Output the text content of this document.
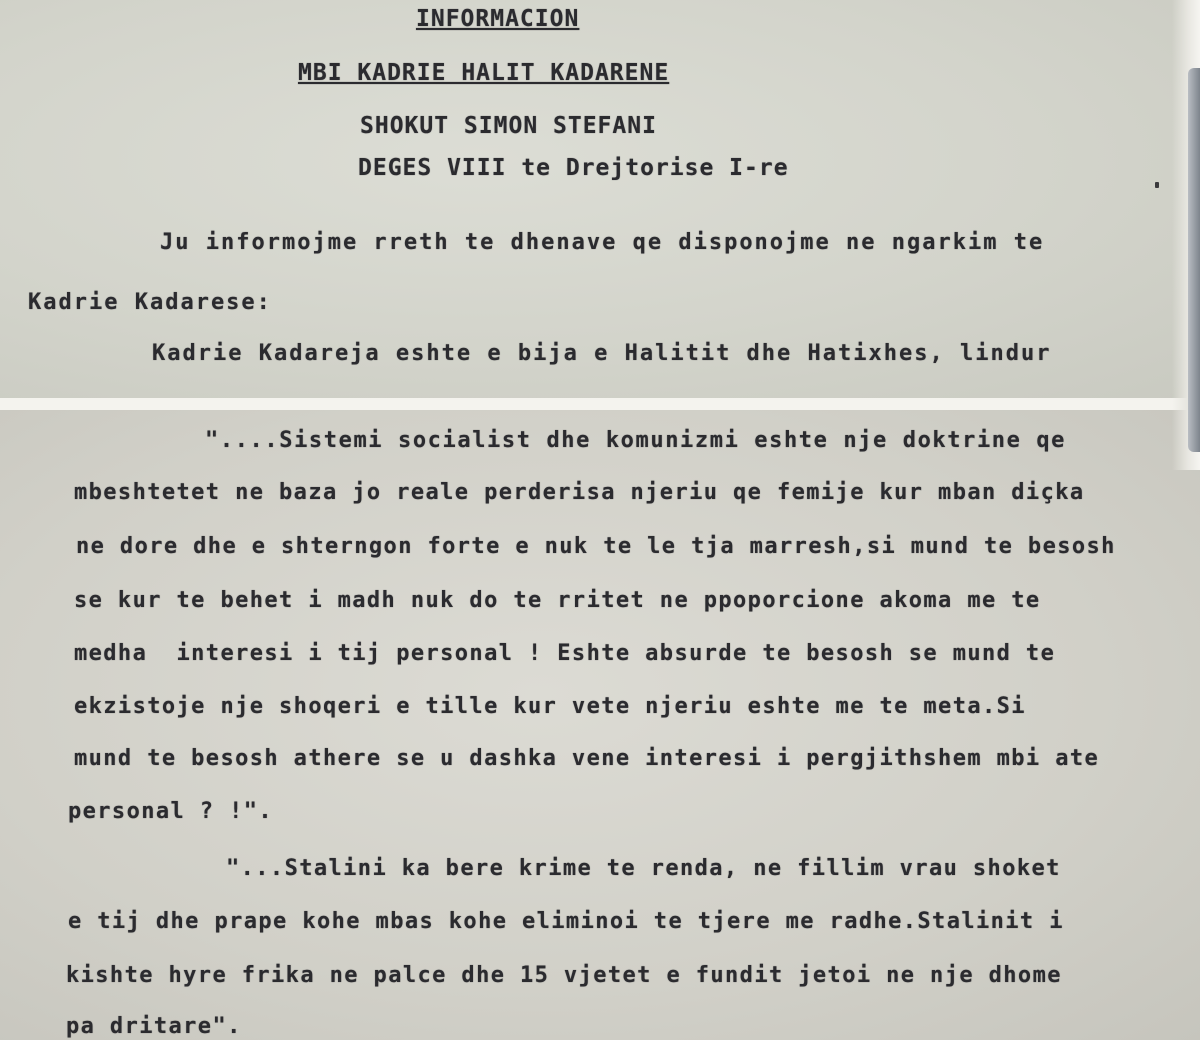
INFORMACION
MBI KADRIE HALIT KADARENE
SHOKUT SIMON STEFANI
DEGES VIII te Drejtorise I-re
Ju informojme rreth te dhenave qe disponojme ne ngarkim te
Kadrie Kadarese:
Kadrie Kadareja eshte e bija e Halitit dhe Hatixhes, lindur
"....Sistemi socialist dhe komunizmi eshte nje doktrine qe
mbeshtetet ne baza jo reale perderisa njeriu qe femije kur mban diçka
ne dore dhe e shterngon forte e nuk te le tja marresh,si mund te besosh
se kur te behet i madh nuk do te rritet ne ppoporcione akoma me te
medha  interesi i tij personal ! Eshte absurde te besosh se mund te
ekzistoje nje shoqeri e tille kur vete njeriu eshte me te meta.Si
mund te besosh athere se u dashka vene interesi i pergjithshem mbi ate
personal ? !".
"...Stalini ka bere krime te renda, ne fillim vrau shoket
e tij dhe prape kohe mbas kohe eliminoi te tjere me radhe.Stalinit i
kishte hyre frika ne palce dhe 15 vjetet e fundit jetoi ne nje dhome
pa dritare".
